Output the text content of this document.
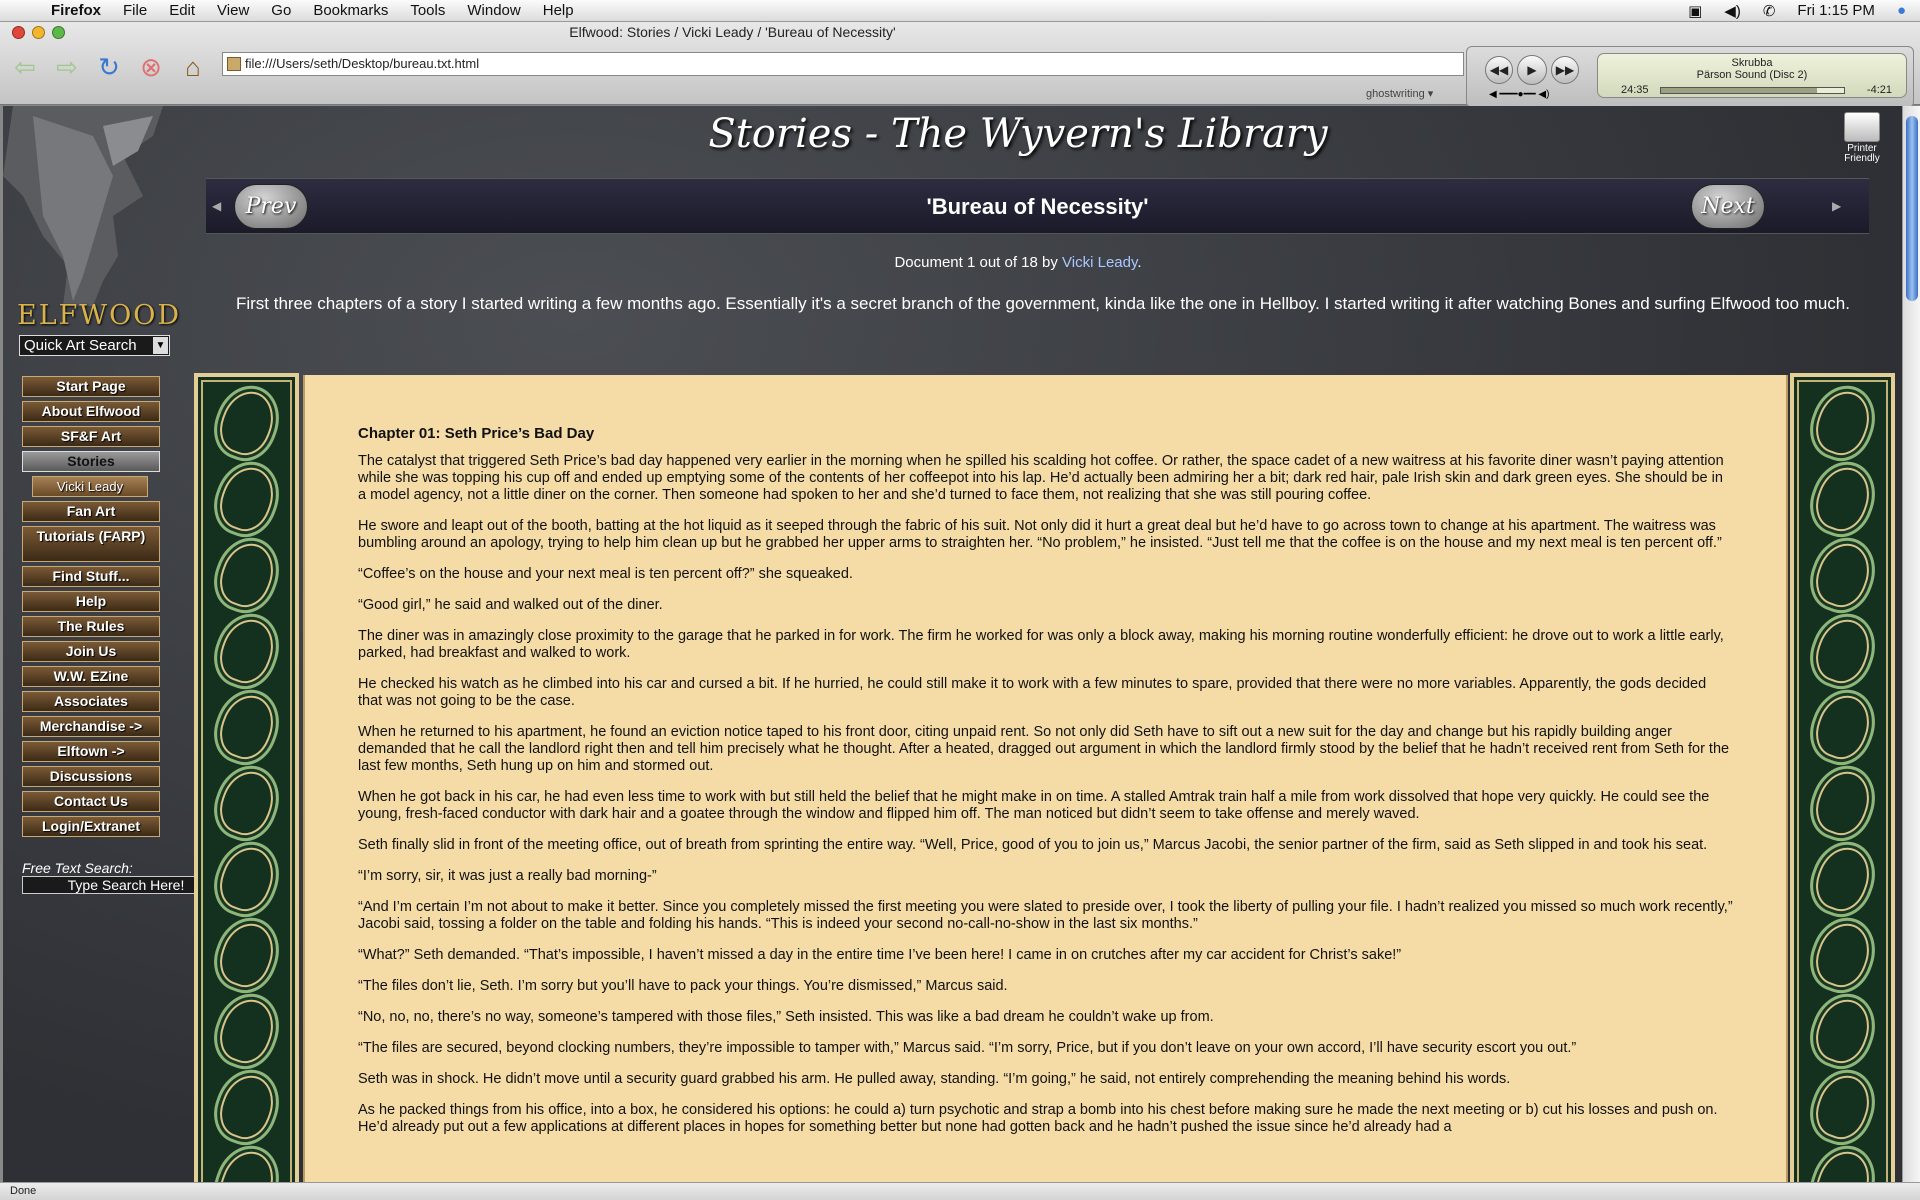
Firefox	File	Edit	View	Go	Bookmarks	Tools	Window	Help	▣ ◀) ✆ Fri 1:15 PM ●
Elfwood: Stories / Vicki Leady / 'Bureau of Necessity'
⇦ ⇨ ↻ ⊗ ⌂	file:///Users/seth/Desktop/bureau.txt.html
ghostwriting ▾
◀◀	▶	▶▶
◀ ━━━●━━ ◀)
Skrubba
Pärson Sound (Disc 2)
24:35	-4:21
ELFWOOD
Quick Art Search ▼
Start Page
About Elfwood
SF&F Art
Stories
Vicki Leady
Fan Art
Tutorials (FARP)
Find Stuff...
Help
The Rules
Join Us
W.W. EZine
Associates
Merchandise ->
Elftown ->
Discussions
Contact Us
Login/Extranet
Free Text Search:
Type Search Here!
Stories - The Wyvern's Library	Printer Friendly
◀	Prev	'Bureau of Necessity'	Next	▶
Document 1 out of 18 by Vicki Leady.
First three chapters of a story I started writing a few months ago. Essentially it's a secret branch of the government, kinda like the one in Hellboy. I started writing it after watching Bones and surfing Elfwood too much.
Chapter 01: Seth Price’s Bad Day

The catalyst that triggered Seth Price’s bad day happened very earlier in the morning when he spilled his scalding hot coffee. Or rather, the space cadet of a new waitress at his favorite diner wasn’t paying attention while she was topping his cup off and ended up emptying some of the contents of her coffeepot into his lap. He’d actually been admiring her a bit; dark red hair, pale Irish skin and dark green eyes. She should be in a model agency, not a little diner on the corner. Then someone had spoken to her and she’d turned to face them, not realizing that she was still pouring coffee.

He swore and leapt out of the booth, batting at the hot liquid as it seeped through the fabric of his suit. Not only did it hurt a great deal but he’d have to go across town to change at his apartment. The waitress was bumbling around an apology, trying to help him clean up but he grabbed her upper arms to straighten her. “No problem,” he insisted. “Just tell me that the coffee is on the house and my next meal is ten percent off.”

“Coffee’s on the house and your next meal is ten percent off?” she squeaked.

“Good girl,” he said and walked out of the diner.

The diner was in amazingly close proximity to the garage that he parked in for work. The firm he worked for was only a block away, making his morning routine wonderfully efficient: he drove out to work a little early, parked, had breakfast and walked to work.

He checked his watch as he climbed into his car and cursed a bit. If he hurried, he could still make it to work with a few minutes to spare, provided that there were no more variables. Apparently, the gods decided that was not going to be the case.

When he returned to his apartment, he found an eviction notice taped to his front door, citing unpaid rent. So not only did Seth have to sift out a new suit for the day and change but his rapidly building anger demanded that he call the landlord right then and tell him precisely what he thought. After a heated, dragged out argument in which the landlord firmly stood by the belief that he hadn’t received rent from Seth for the last few months, Seth hung up on him and stormed out.

When he got back in his car, he had even less time to work with but still held the belief that he might make in on time. A stalled Amtrak train half a mile from work dissolved that hope very quickly. He could see the young, fresh-faced conductor with dark hair and a goatee through the window and flipped him off. The man noticed but didn’t seem to take offense and merely waved.

Seth finally slid in front of the meeting office, out of breath from sprinting the entire way. “Well, Price, good of you to join us,” Marcus Jacobi, the senior partner of the firm, said as Seth slipped in and took his seat.

“I’m sorry, sir, it was just a really bad morning-”

“And I’m certain I’m not about to make it better. Since you completely missed the first meeting you were slated to preside over, I took the liberty of pulling your file. I hadn’t realized you missed so much work recently,” Jacobi said, tossing a folder on the table and folding his hands. “This is indeed your second no-call-no-show in the last six months.”

“What?” Seth demanded. “That’s impossible, I haven’t missed a day in the entire time I’ve been here! I came in on crutches after my car accident for Christ’s sake!”

“The files don’t lie, Seth. I’m sorry but you’ll have to pack your things. You’re dismissed,” Marcus said.

“No, no, no, there’s no way, someone’s tampered with those files,” Seth insisted. This was like a bad dream he couldn’t wake up from.

“The files are secured, beyond clocking numbers, they’re impossible to tamper with,” Marcus said. “I’m sorry, Price, but if you don’t leave on your own accord, I’ll have security escort you out.”

Seth was in shock. He didn’t move until a security guard grabbed his arm. He pulled away, standing. “I’m going,” he said, not entirely comprehending the meaning behind his words.

As he packed things from his office, into a box, he considered his options: he could a) turn psychotic and strap a bomb into his chest before making sure he made the next meeting or b) cut his losses and push on. He’d already put out a few applications at different places in hopes for something better but none had gotten back and he hadn’t pushed the issue since he’d already had a

Done
